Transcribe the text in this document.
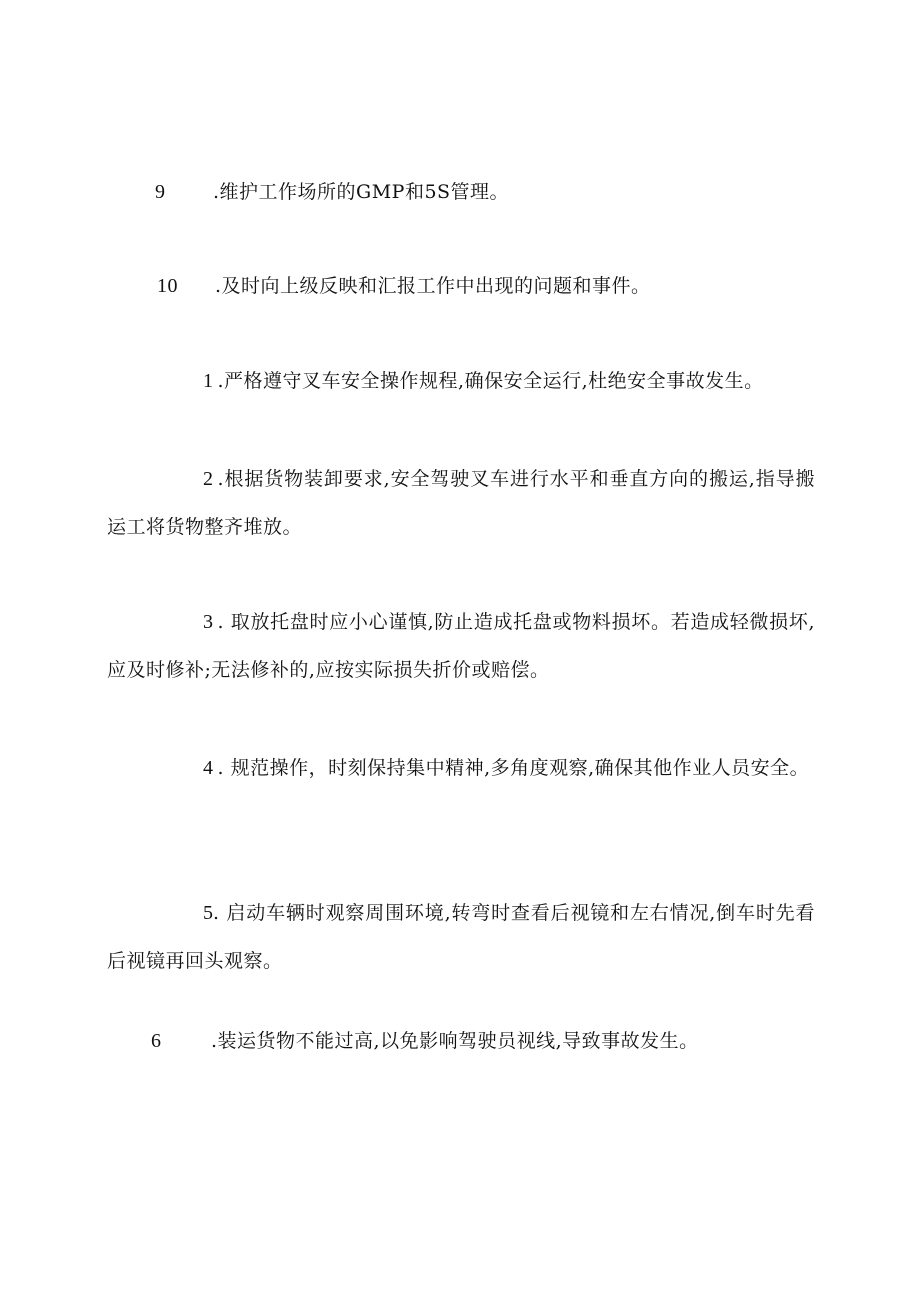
9	.维护工作场所的GMP和5S管理。
10 .及时向上级反映和汇报工作中出现的问题和事件。
1 .严格遵守叉车安全操作规程,确保安全运行,杜绝安全事故发生。
2 .根据货物装卸要求,安全驾驶叉车进行水平和垂直方向的搬运,指导搬运工将货物整齐堆放。
3 . 取放托盘时应小心谨慎,防止造成托盘或物料损坏。若造成轻微损坏,应及时修补;无法修补的,应按实际损失折价或赔偿。
4 . 规范操作，时刻保持集中精神,多角度观察,确保其他作业人员安全。
5. 启动车辆时观察周围环境,转弯时查看后视镜和左右情况,倒车时先看后视镜再回头观察。
6	.装运货物不能过高,以免影响驾驶员视线,导致事故发生。
